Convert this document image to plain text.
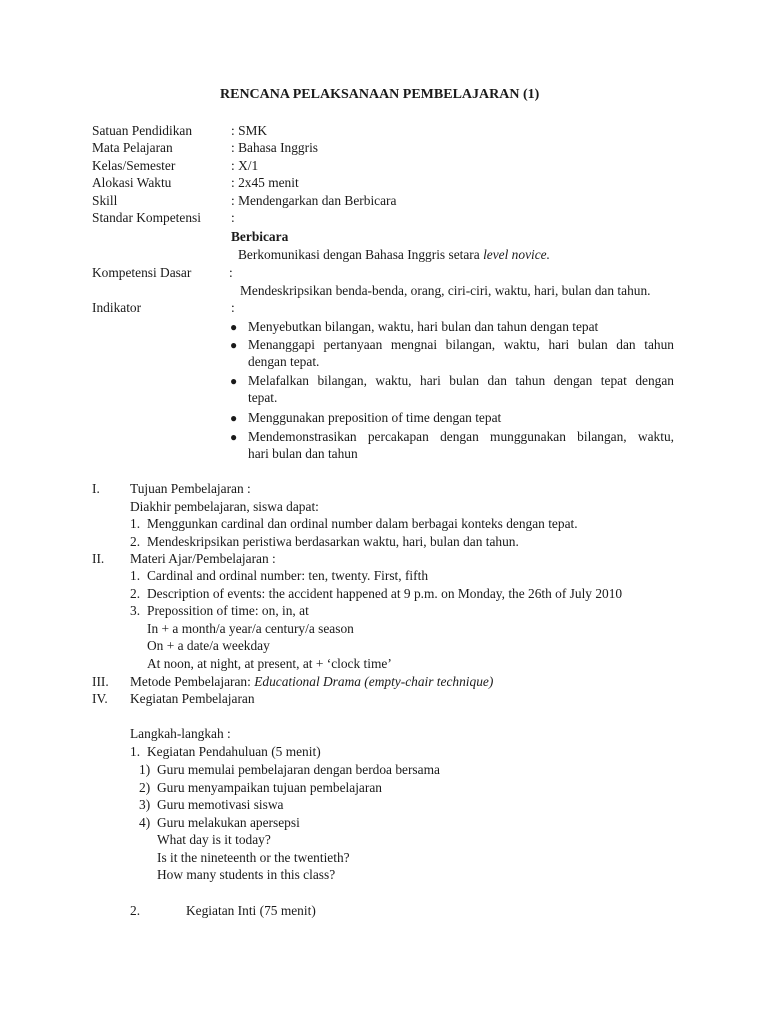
RENCANA PELAKSANAAN PEMBELAJARAN (1)
Satuan Pendidikan	: SMK
Mata Pelajaran	: Bahasa Inggris
Kelas/Semester	: X/1
Alokasi Waktu	: 2x45 menit
Skill	: Mendengarkan dan Berbicara
Standar Kompetensi :
Berbicara
Berkomunikasi dengan Bahasa Inggris setara level novice.
Kompetensi Dasar	:
Mendeskripsikan benda-benda, orang, ciri-ciri, waktu, hari, bulan dan tahun.
Indikator	:
● Menyebutkan bilangan, waktu, hari bulan dan tahun dengan tepat
● Menanggapi pertanyaan mengnai bilangan, waktu, hari bulan dan tahun
dengan tepat.
● Melafalkan bilangan, waktu, hari bulan dan tahun dengan tepat dengan
tepat.
● Menggunakan preposition of time dengan tepat
● Mendemonstrasikan percakapan dengan munggunakan bilangan, waktu,
hari bulan dan tahun
I. Tujuan Pembelajaran :
Diakhir pembelajaran, siswa dapat:
1. Menggunkan cardinal dan ordinal number dalam berbagai konteks dengan tepat.
2. Mendeskripsikan peristiwa berdasarkan waktu, hari, bulan dan tahun.
II. Materi Ajar/Pembelajaran :
1. Cardinal and ordinal number: ten, twenty. First, fifth
2. Description of events: the accident happened at 9 p.m. on Monday, the 26th of July 2010
3. Prepossition of time: on, in, at
In + a month/a year/a century/a season
On + a date/a weekday
At noon, at night, at present, at + ‘clock time’
III. Metode Pembelajaran: Educational Drama (empty-chair technique)
IV. Kegiatan Pembelajaran
Langkah-langkah :
1. Kegiatan Pendahuluan (5 menit)
1) Guru memulai pembelajaran dengan berdoa bersama
2) Guru menyampaikan tujuan pembelajaran
3) Guru memotivasi siswa
4) Guru melakukan apersepsi
What day is it today?
Is it the nineteenth or the twentieth?
How many students in this class?
2.	Kegiatan Inti (75 menit)
